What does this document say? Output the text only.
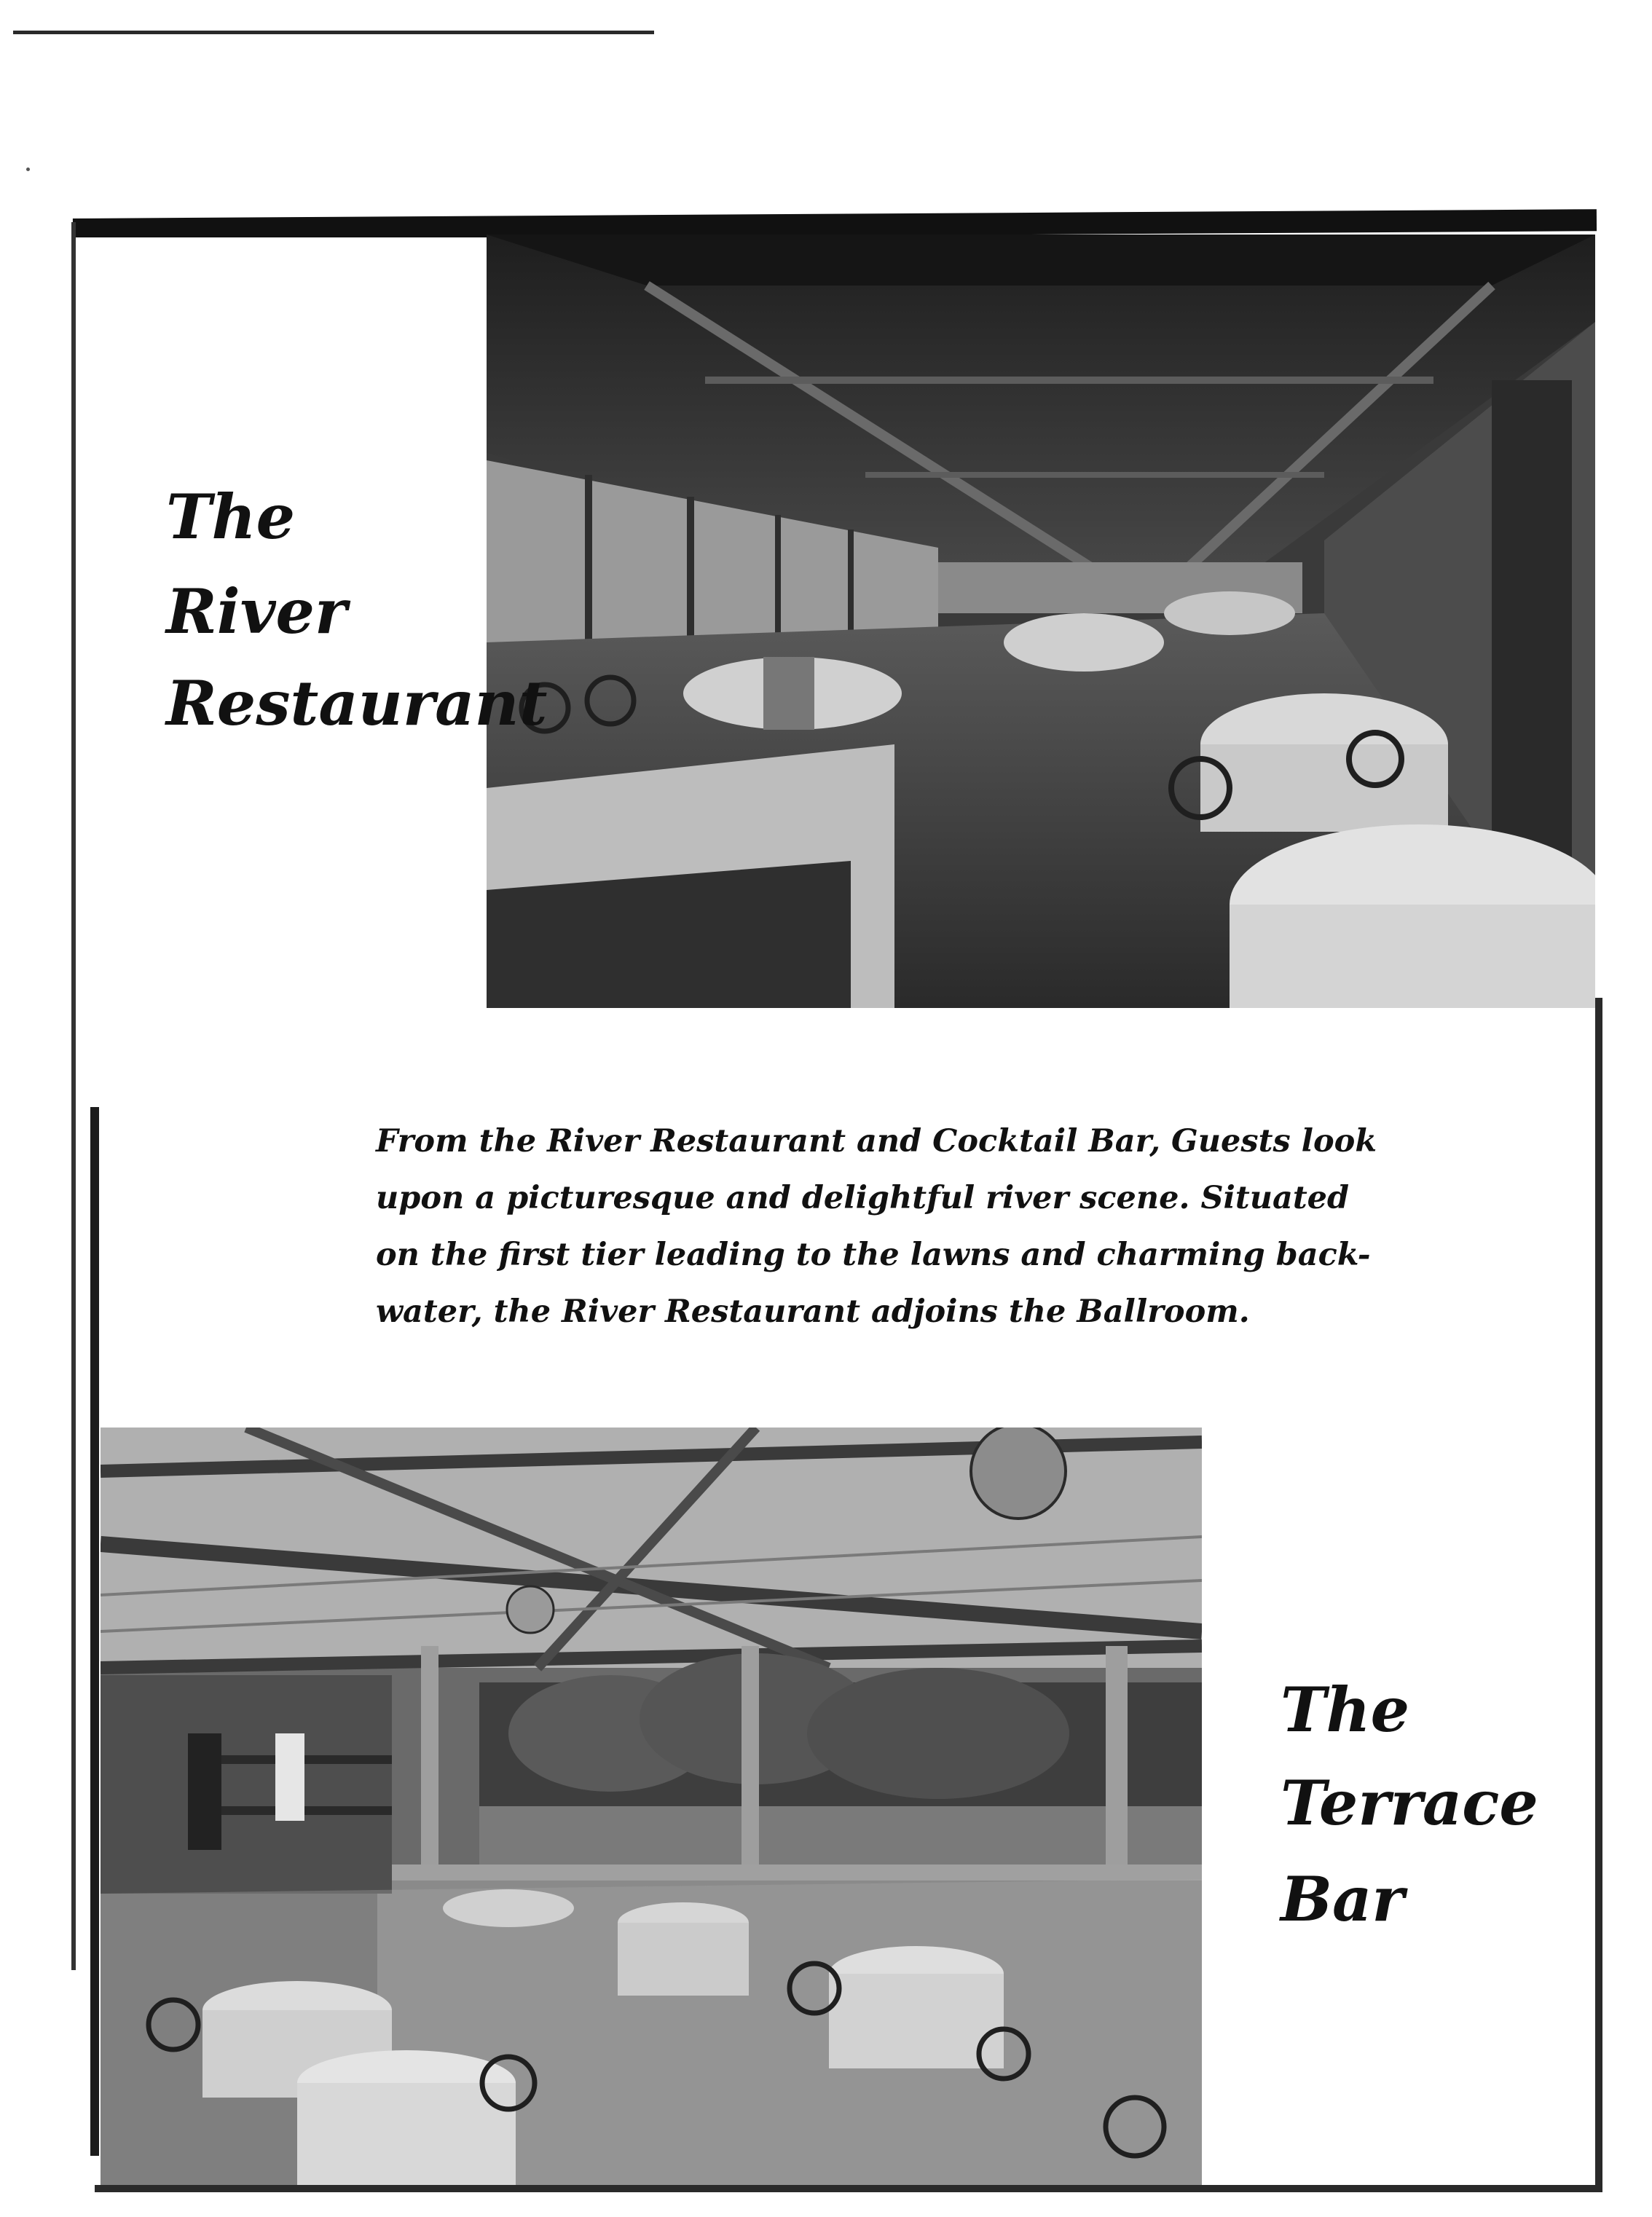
The
River
Restaurant

From the River Restaurant and Cocktail Bar, Guests look
upon a picturesque and delightful river scene. Situated
on the first tier leading to the lawns and charming back-
water, the River Restaurant adjoins the Ballroom.

The
Terrace
Bar
